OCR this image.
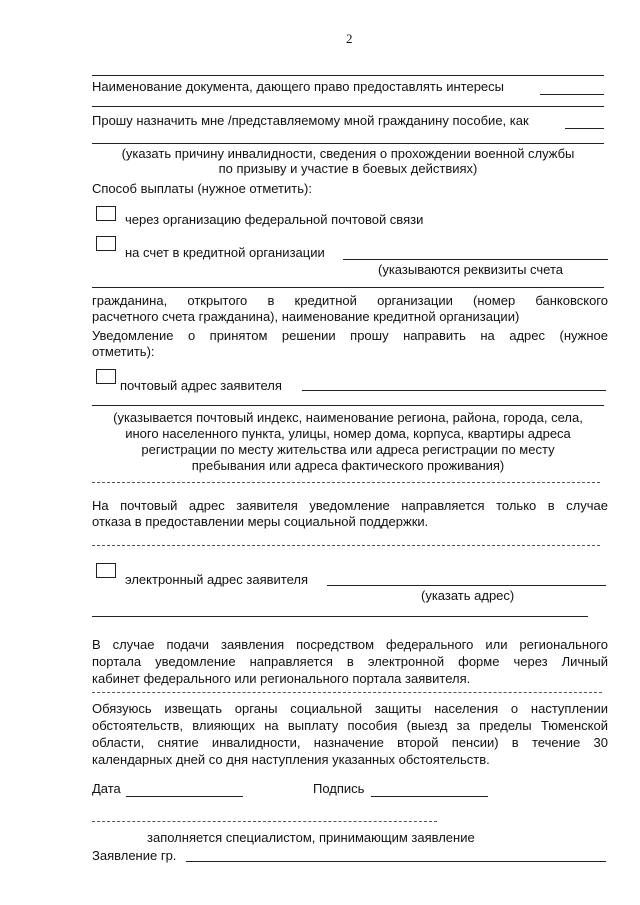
2
Наименование документа, дающего право предоставлять интересы
Прошу назначить мне /представляемому мной гражданину пособие, как
(указать причину инвалидности, сведения о прохождении военной службы
по призыву и участие в боевых действиях)
Способ выплаты (нужное отметить):
через организацию федеральной почтовой связи
на счет в кредитной организации
(указываются реквизиты счета
гражданина, открытого в кредитной организации (номер банковского
расчетного счета гражданина), наименование кредитной организации)
Уведомление о принятом решении прошу направить на адрес (нужное
отметить):
почтовый адрес заявителя
(указывается почтовый индекс, наименование региона, района, города, села,
иного населенного пункта, улицы, номер дома, корпуса, квартиры адреса
регистрации по месту жительства или адреса регистрации по месту
пребывания или адреса фактического проживания)
На почтовый адрес заявителя уведомление направляется только в случае
отказа в предоставлении меры социальной поддержки.
электронный адрес заявителя
(указать адрес)
В случае подачи заявления посредством федерального или регионального
портала уведомление направляется в электронной форме через Личный
кабинет федерального или регионального портала заявителя.
Обязуюсь извещать органы социальной защиты населения о наступлении
обстоятельств, влияющих на выплату пособия (выезд за пределы Тюменской
области, снятие инвалидности, назначение второй пенсии) в течение 30
календарных дней со дня наступления указанных обстоятельств.
Дата	Подпись
заполняется специалистом, принимающим заявление
Заявление гр.
